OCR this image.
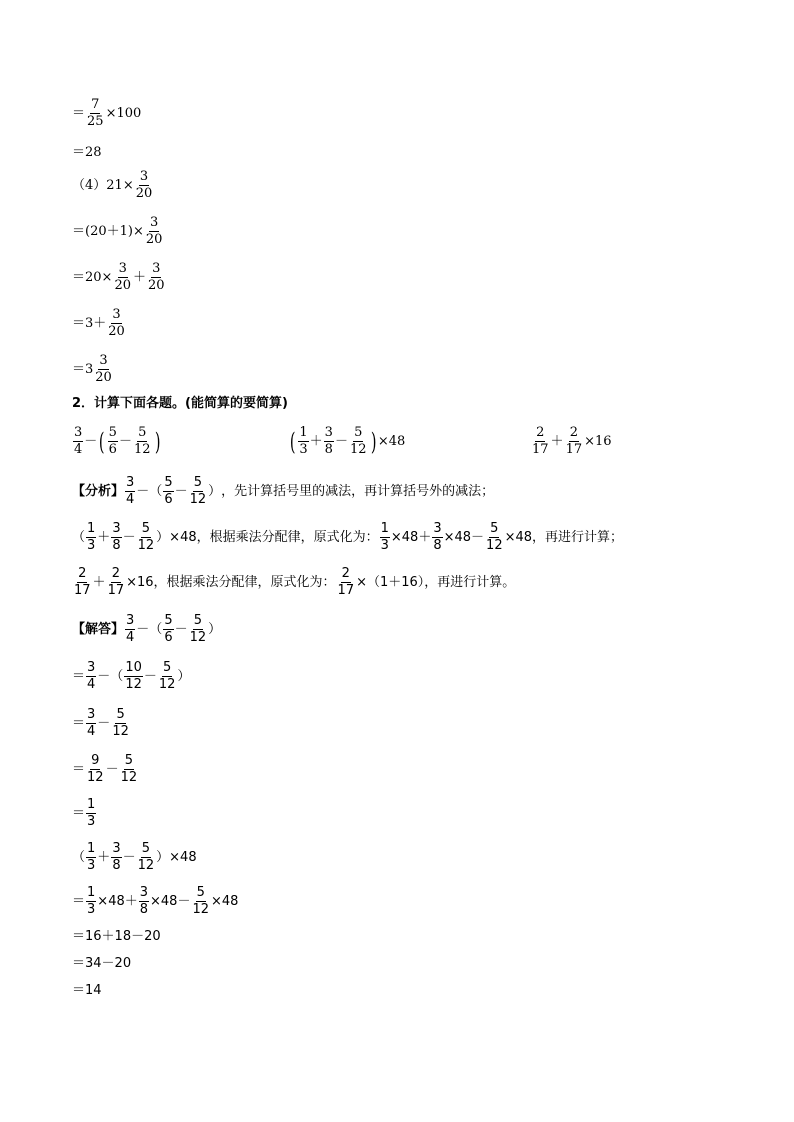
＝ $\frac{7}{25} \times 100$
＝28
$(4)21\times \frac{3}{20}$
$=(20+1)\times \frac{3}{20}$
$=20\times \frac{3}{20} + \frac{3}{20}$
$=3+ \frac{3}{20}$
$=3 \frac{3}{20}$
2．计算下面各题。(能简算的要简算)
$\frac{3}{4}$ － ( $\frac{5}{6} - \frac{5}{12}$ )	( $\frac{1}{3} + \frac{3}{8} - \frac{5}{12}$ ) ×48	$\frac{2}{17} + \frac{2}{17} \times 16$
【分析】 $\frac{3}{4}$ －（ $\frac{5}{6} - \frac{5}{12}$ ） ，先计算括号里的减法，再计算括号外的减法；
（ $\frac{1}{3} + \frac{3}{8} - \frac{5}{12}$ ） ×48，根据乘法分配律，原式化为： $\frac{1}{3} \times 48+ \frac{3}{8} \times 48- \frac{5}{12} \times 48$ ，再进行计算；
$\frac{2}{17} + \frac{2}{17} \times 16$，根据乘法分配律，原式化为： $\frac{2}{17} \times(1+16)$，再进行计算。
【解答】 $\frac{3}{4}$ －（ $\frac{5}{6} - \frac{5}{12}$ ）
＝ $\frac{3}{4}$ －（ $\frac{10}{12} - \frac{5}{12}$ ）
＝ $\frac{3}{4} - \frac{5}{12}$
＝ $\frac{9}{12} - \frac{5}{12}$
＝ $\frac{1}{3}$
（ $\frac{1}{3} + \frac{3}{8} - \frac{5}{12} )\times 48$
＝ $\frac{1}{3} \times 48+ \frac{3}{8} \times 48- \frac{5}{12} \times 48$
＝16＋18－20
＝34－20
＝14
